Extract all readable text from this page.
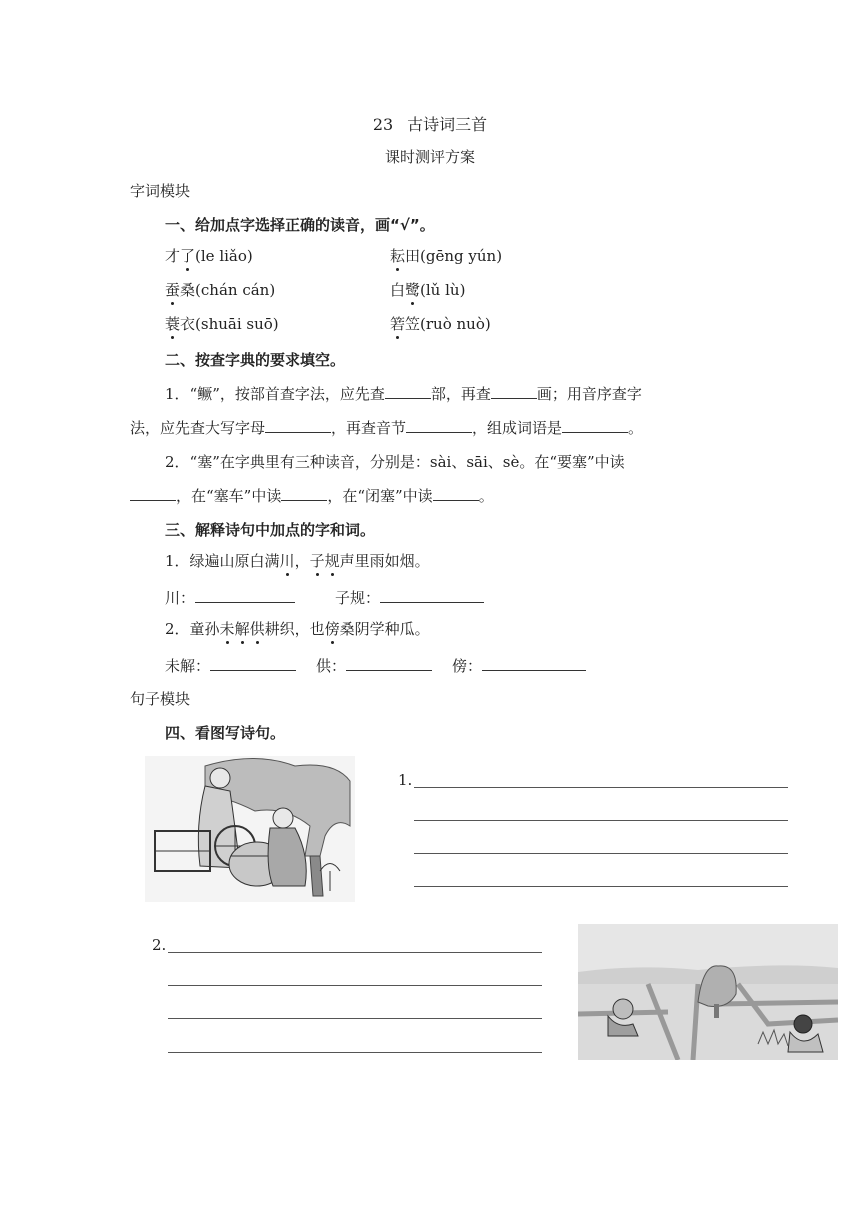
23 古诗词三首
课时测评方案
字词模块
一、给加点字选择正确的读音，画“√”。
才了(le liǎo)	耘田(gēng yún)
蚕桑(chán cán)	白鹭(lǔ lù)
蓑衣(shuāi suō)	箬笠(ruò nuò)
二、按查字典的要求填空。
1．“鳜”，按部首查字法，应先查	部，再查	画；用音序查字
法，应先查大写字母	，再查音节	，组成词语是	。
2．“塞”在字典里有三种读音，分别是：sài、sāi、sè。在“要塞”中读
，在“塞车”中读	，在“闭塞”中读	。
三、解释诗句中加点的字和词。
1．绿遍山原白满川，子规声里雨如烟。
川：	子规：
2．童孙未解供耕织，也傍桑阴学种瓜。
未解：	供：	傍：
句子模块
四、看图写诗句。
1.
2.
